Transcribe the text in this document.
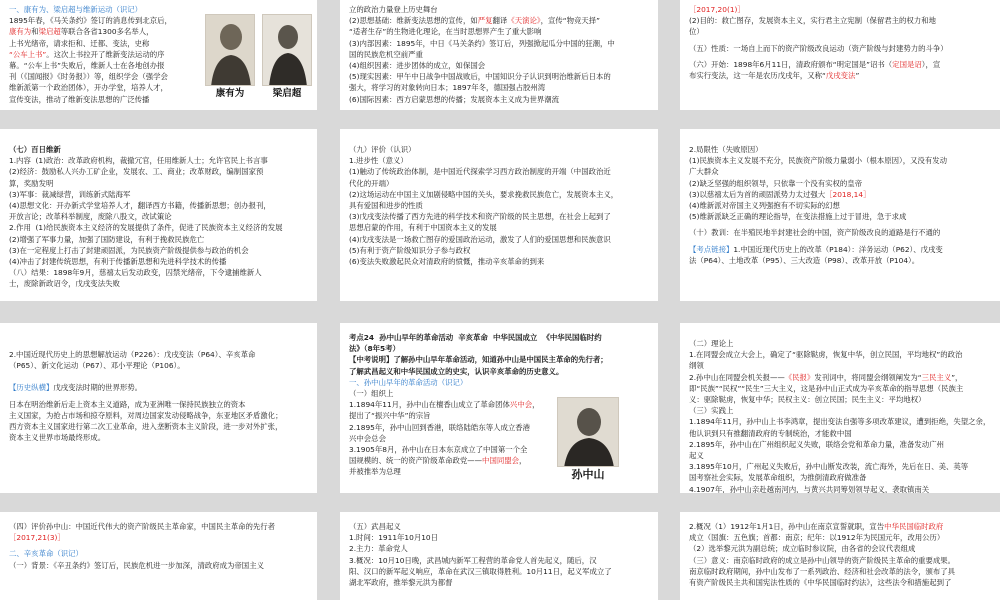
一、康有为、梁启超与维新运动（识记）
1895年春，《马关条约》签订的消息传到北京后，
康有为和梁启超等联合各省1300多名举人，
上书光绪帝，请求拒和、迁都、变法，史称
“公车上书”。这次上书拉开了维新变法运动的序
幕。“公车上书”失败后，维新人士在各地创办报
刊（《国闻报》《时务报》）等，组织学会（强学会
维新派第一个政治团体），开办学堂，培养人才，
宣传变法，推动了维新变法思想的广泛传播
康有为	梁启超
立的政治力量登上历史舞台
(2)思想基础：维新变法思想的宣传，如严复翻译《天演论》，宣传“物竞天择”
“适者生存”的生物进化理论，在当时思想界产生了重大影响
(3)内部因素：1895年，中日《马关条约》签订后，列强掀起瓜分中国的狂潮，中
国的民族危机空前严重
(4)组织因素：进步团体的成立，如保国会
(5)现实因素：甲午中日战争中国战败后，中国知识分子认识到明治维新后日本的
强大，将学习的对象转向日本；1897年冬，德国强占胶州湾
(6)国际因素：西方启蒙思想的传播；发展资本主义成为世界潮流
［2017,20(1)］
(2)目的：救亡图存，发展资本主义，实行君主立宪制（保留君主的权力和地
位）
（五）性质：一场自上而下的资产阶级改良运动（资产阶级与封建势力的斗争）
（六）开始：1898年6月11日，清政府颁布“明定国是”诏书（定国是诏），宣
布实行变法，这一年是农历戊戌年，又称“戊戌变法”
（七）百日维新
1.内容  (1)政治：改革政府机构，裁撤冗官，任用维新人士；允许官民上书言事
(2)经济：鼓励私人兴办工矿企业，发展农、工、商业；改革财政，编制国家预
算，奖励发明
(3)军事：裁减绿营，训练新式陆海军
(4)思想文化：开办新式学堂培养人才，翻译西方书籍，传播新思想；创办报刊，
开放言论；改革科举制度，废除八股文，改试策论
2.作用  (1)给民族资本主义经济的发展提供了条件，促进了民族资本主义经济的发展
(2)增强了军事力量，加强了国防建设，有利于挽救民族危亡
(3)在一定程度上打击了封建顽固派，为民族资产阶级提供参与政治的机会
(4)冲击了封建传统思想，有利于传播新思想和先进科学技术的传播
（八）结果：1898年9月，慈禧太后发动政变，囚禁光绪帝，下令逮捕维新人
士，废除新政诏令，戊戌变法失败
（九）评价（认识）
1.进步性（意义）
(1)触动了传统政治体制，是中国近代探索学习西方政治制度的开端（中国政治近
代化的开端）
(2)这场运动在中国主义加剧侵略中国的关头，要求挽救民族危亡，发展资本主义，
具有爱国和进步的性质
(3)戊戌变法传播了西方先进的科学技术和资产阶级的民主思想，在社会上起到了
思想启蒙的作用，有利于中国资本主义的发展
(4)戊戌变法是一场救亡图存的爱国政治运动，激发了人们的爱国思想和民族意识
(5)有利于资产阶级知识分子参与政权
(6)变法失败激起民众对清政府的愤慨，推动辛亥革命的到来
2.局限性（失败原因）
(1)民族资本主义发展不充分，民族资产阶级力量弱小（根本原因），又没有发动
广大群众
(2)缺乏坚强的组织领导，只依靠一个没有实权的皇帝
(3)以慈禧太后为首的顽固派势力太过强大［2018,14］
(4)维新派对帝国主义列强抱有不切实际的幻想
(5)维新派缺乏正确的理论指导，在变法措施上过于冒进，急于求成
（十）教训：在半殖民地半封建社会的中国，资产阶级改良的道路是行不通的
【考点链接】1.中国近现代历史上的改革（P184）：洋务运动（P62）、戊戌变
法（P64）、土地改革（P95）、三大改造（P98）、改革开放（P104）。
2.中国近现代历史上的思想解放运动（P226）：戊戌变法（P64）、辛亥革命
（P65）、新文化运动（P67）、邓小平理论（P106）。
【历史纵横】戊戌变法时期的世界形势。
日本在明治维新后走上资本主义道路，成为亚洲唯一保持民族独立的资本
主义国家，为抢占市场和掠夺原料，对周边国家发动侵略战争，东亚地区矛盾激化；
西方资本主义国家进行第二次工业革命，进入垄断资本主义阶段，进一步对外扩张，
资本主义世界市场最终形成。
考点24  孙中山早年的革命活动  辛亥革命  中华民国成立  《中华民国临时约
法》（8年5考）
【中考说明】了解孙中山早年革命活动，知道孙中山是中国民主革命的先行者；
了解武昌起义和中华民国成立的史实，认识辛亥革命的历史意义。
一、孙中山早年的革命活动（识记）
（一）组织上
1.1894年11月，孙中山在檀香山成立了革命团体兴中会，
提出了“振兴中华”的宗旨
2.1895年，孙中山回到香港，联络陆皓东等人成立香港
兴中会总会
3.1905年8月，孙中山在日本东京成立了中国第一个全
国规模的、统一的资产阶级革命政党——中国同盟会，
并被推举为总理	孙中山
（二）理论上
1.在同盟会成立大会上，确定了“驱除鞑虏，恢复中华，创立民国，平均地权”的政治
纲领
2.孙中山在同盟会机关报——《民报》发刊词中，将同盟会纲领阐发为“三民主义”，
即“民族”“民权”“民生”三大主义，这是孙中山正式成为辛亥革命的指导思想（民族主
义：驱除鞑虏，恢复中华；民权主义：创立民国；民生主义：平均地权）
（三）实践上
1.1894年11月，孙中山上书李鸿章，提出变法自强等多项改革建议，遭到拒绝，失望之余，
他认识到只有推翻清政府的专制统治，才能救中国
2.1895年，孙中山在广州组织起义失败，联络会党和革命力量，准备发动广州
起义
3.1895年10月，广州起义失败后，孙中山断发改装，流亡海外，先后在日、美、英等
国考察社会实际，发展革命组织，为推倒清政府做准备
4.1907年，孙中山亲赴越南河内，与黄兴共同筹划领导起义，袭取镇南关
（四）评价孙中山：中国近代伟大的资产阶级民主革命家，中国民主革命的先行者
［2017,21(3)］
二、辛亥革命（识记）
（一）背景：《辛丑条约》签订后，民族危机进一步加深，清政府成为帝国主义
（五）武昌起义
1.时间：1911年10月10日
2.主力：革命党人
3.概况：10月10日晚，武昌城内新军工程营的革命党人首先起义，随后，汉
阳、汉口的新军起义响应，革命在武汉三镇取得胜利。10月11日，起义军成立了
湖北军政府，推举黎元洪为都督
2.概况（1）1912年1月1日，孙中山在南京宣誓就职，宣告中华民国临时政府
成立（国旗：五色旗；首都：南京；纪年：以1912年为民国元年，改用公历）
（2）选举黎元洪为副总统；成立临时参议院，由各省的会议代表组成
（三）意义：南京临时政府的成立是孙中山领导的资产阶级民主革命的重要成果。
南京临时政府期间，孙中山发布了一系列政治、经济和社会改革的法令，颁布了具
有资产阶级民主共和国宪法性质的《中华民国临时约法》，这些法令和措施起到了
